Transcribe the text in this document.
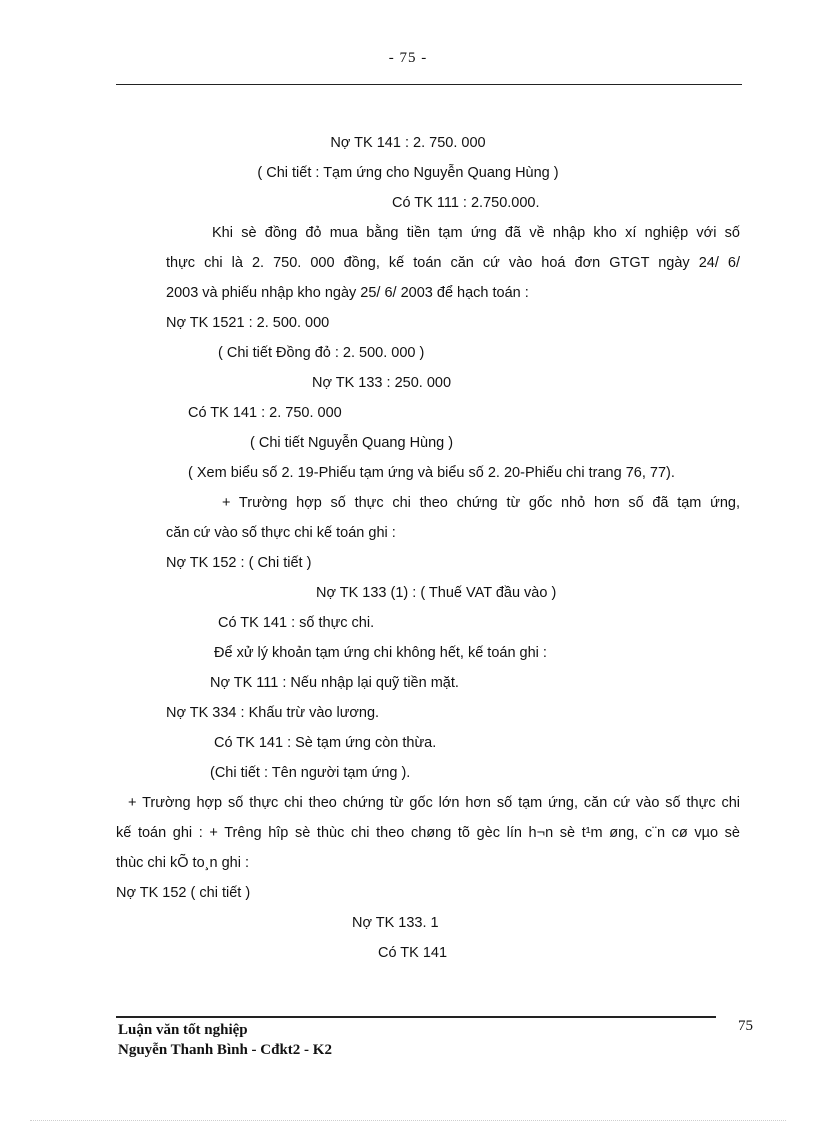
- 75 -
Nợ TK 141 : 2. 750. 000
( Chi tiết : Tạm ứng cho Nguyễn Quang Hùng )
Có TK 111 : 2.750.000.
Khi sè đồng đỏ mua bằng tiền tạm ứng đã về nhập kho xí nghiệp với số
thực chi là 2. 750. 000 đồng, kế toán căn cứ vào hoá đơn GTGT ngày 24/ 6/
2003 và phiếu nhập kho ngày 25/ 6/ 2003 để hạch toán :
Nợ TK 1521 : 2. 500. 000
( Chi tiết Đồng đỏ : 2. 500. 000 )
Nợ TK 133 : 250. 000
Có TK 141 : 2. 750. 000
( Chi tiết Nguyễn Quang Hùng )
( Xem biểu số 2. 19-Phiếu tạm ứng và biểu số 2. 20-Phiếu chi trang 76, 77).
+ Trường hợp số thực chi theo chứng từ gốc nhỏ hơn số đã tạm ứng,
căn cứ vào số thực chi kế toán ghi :
Nợ TK 152 : ( Chi tiết )
Nợ TK 133 (1) : ( Thuế VAT đầu vào )
Có TK 141 : số thực chi.
Để xử lý khoản tạm ứng chi không hết, kế toán ghi :
Nợ TK 111 : Nếu nhập lại quỹ tiền mặt.
Nợ TK 334 : Khấu trừ vào lương.
Có TK 141 : Sè tạm ứng còn thừa.
(Chi tiết : Tên người tạm ứng ).
+ Trường hợp số thực chi theo chứng từ gốc lớn hơn số tạm ứng, căn cứ vào số thực chi
kế toán ghi : + Trêng hîp sè thùc chi theo chøng tõ gèc lín h¬n sè t¹m øng, c¨n cø vµo sè
thùc chi kÕ to¸n ghi :
Nợ TK 152 ( chi tiết )
Nợ TK 133. 1
Có TK 141
Luận văn tốt nghiệp
Nguyễn Thanh Bình - Cđkt2 - K2
75
